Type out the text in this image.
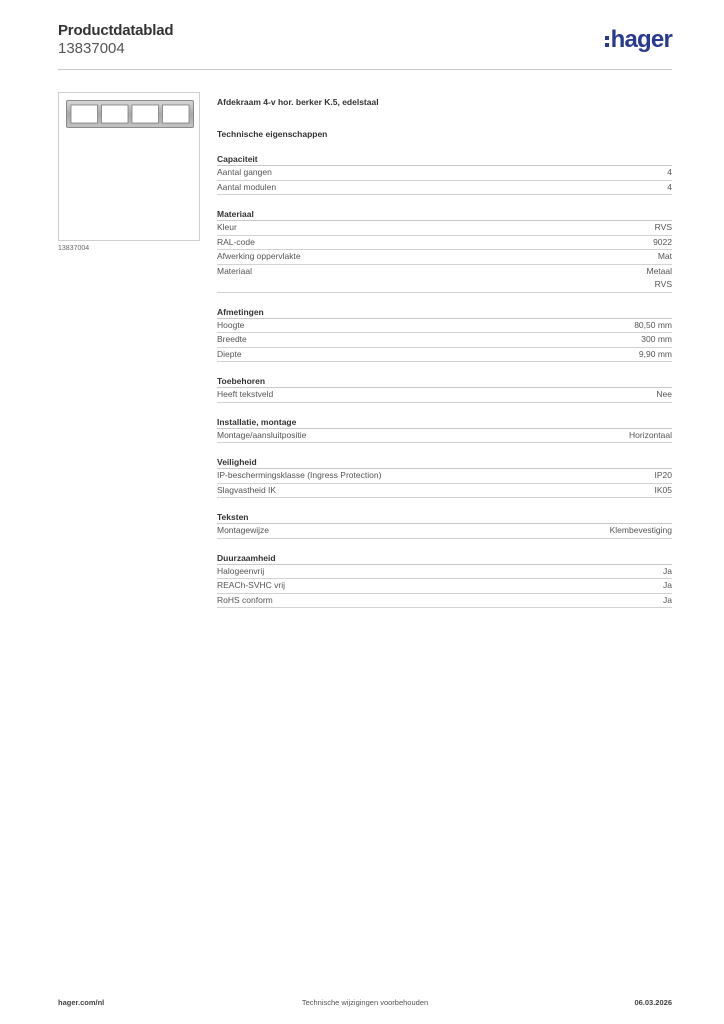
Productdatablad
13837004	hager
13837004
Afdekraam 4-v hor. berker K.5, edelstaal
Technische eigenschappen
Capaciteit
Aantal gangen	4
Aantal modulen	4
Materiaal
Kleur	RVS
RAL-code	9022
Afwerking oppervlakte	Mat
Materiaal	Metaal
RVS
Afmetingen
Hoogte	80,50 mm
Breedte	300 mm
Diepte	9,90 mm
Toebehoren
Heeft tekstveld	Nee
Installatie, montage
Montage/aansluitpositie	Horizontaal
Veiligheid
IP-beschermingsklasse (Ingress Protection)	IP20
Slagvastheid IK	IK05
Teksten
Montagewijze	Klembevestiging
Duurzaamheid
Halogeenvrij	Ja
REACh-SVHC vrij	Ja
RoHS conform	Ja
hager.com/nl	Technische wijzigingen voorbehouden	06.03.2026
